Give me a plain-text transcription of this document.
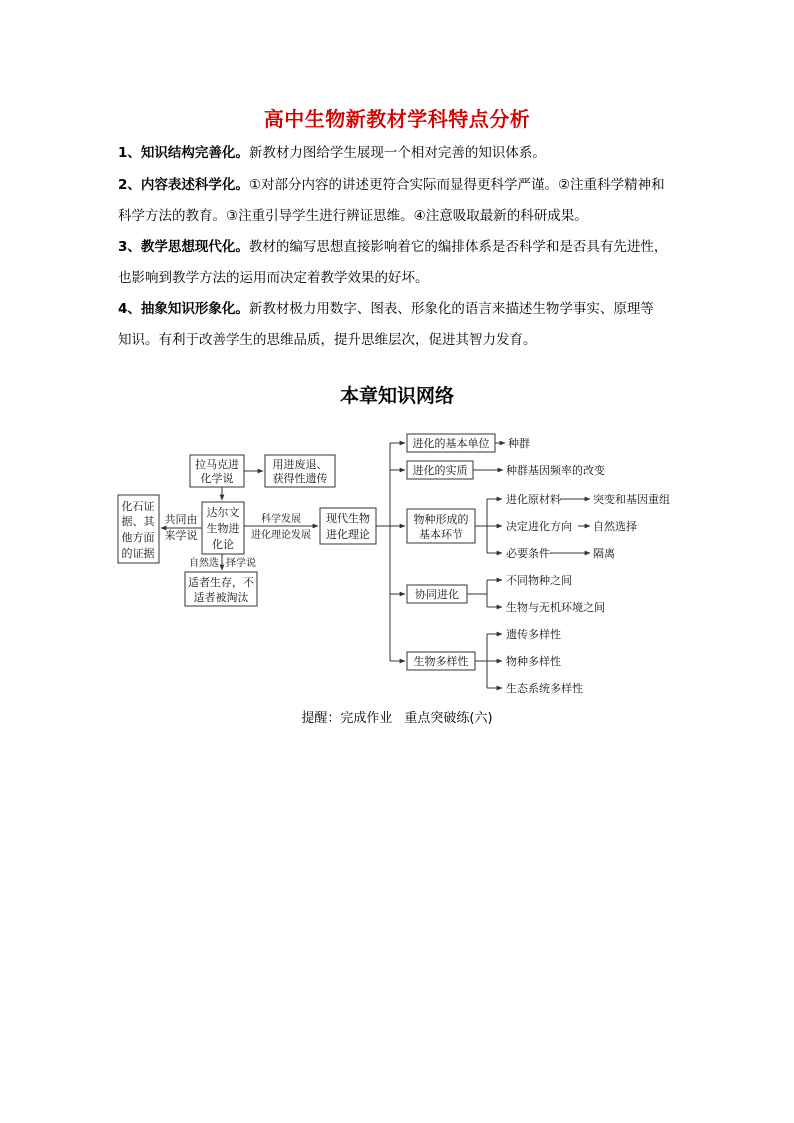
高中生物新教材学科特点分析
1、知识结构完善化。新教材力图给学生展现一个相对完善的知识体系。
2、内容表述科学化。①对部分内容的讲述更符合实际而显得更科学严谨。②注重科学精神和
科学方法的教育。③注重引导学生进行辨证思维。④注意吸取最新的科研成果。
3、教学思想现代化。教材的编写思想直接影响着它的编排体系是否科学和是否具有先进性，
也影响到教学方法的运用而决定着教学效果的好坏。
4、抽象知识形象化。新教材极力用数字、图表、形象化的语言来描述生物学事实、原理等
知识。有利于改善学生的思维品质，提升思维层次，促进其智力发育。
本章知识网络
拉马克进
化学说
用进废退、
获得性遗传
化石证
据、其
他方面
的证据
共同由
来学说
达尔文
生物进
化论
自然选 择学说
适者生存，不
适者被淘汰
科学发展
进化理论发展
现代生物
进化理论
进化的基本单位 种群
进化的实质	种群基因频率的改变
物种形成的
基本环节
进化原材料	突变和基因重组
决定进化方向 自然选择
必要条件	隔离
协同进化
不同物种之间
生物与无机环境之间
生物多样性
遗传多样性
物种多样性
生态系统多样性
提醒：完成作业 重点突破练(六)
